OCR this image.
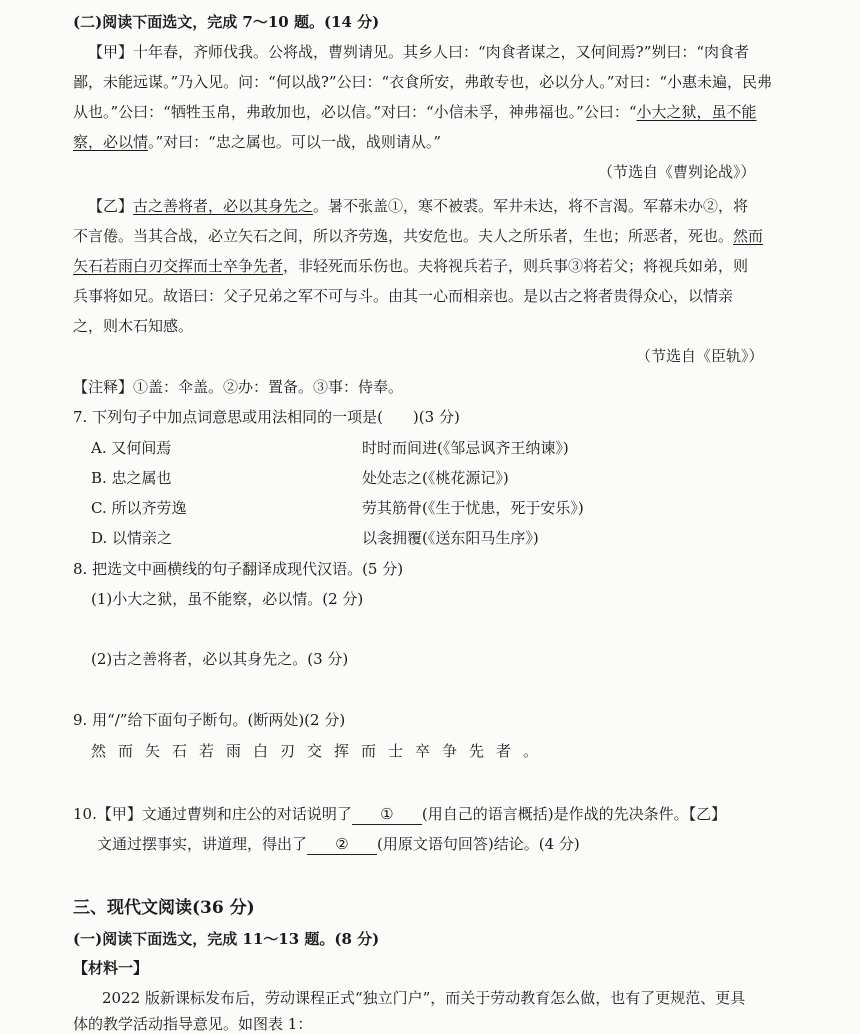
(二)阅读下面选文，完成 7～10 题。(14 分)
【甲】十年春，齐师伐我。公将战，曹刿请见。其乡人曰：“肉食者谋之，又何间焉?”刿曰：“肉食者
鄙，未能远谋。”乃入见。问：“何以战?”公曰：“衣食所安，弗敢专也，必以分人。”对曰：“小惠未遍，民弗
从也。”公曰：“牺牲玉帛，弗敢加也，必以信。”对曰：“小信未孚，神弗福也。”公曰：“小大之狱，虽不能
察，必以情。”对曰：“忠之属也。可以一战，战则请从。”
（节选自《曹刿论战》）
【乙】古之善将者，必以其身先之。暑不张盖①，寒不被裘。军井未达，将不言渴。军幕未办②，将
不言倦。当其合战，必立矢石之间，所以齐劳逸，共安危也。夫人之所乐者，生也；所恶者，死也。然而
矢石若雨白刃交挥而士卒争先者，非轻死而乐伤也。夫将视兵若子，则兵事③将若父；将视兵如弟，则
兵事将如兄。故语曰：父子兄弟之军不可与斗。由其一心而相亲也。是以古之将者贵得众心，以情亲
之，则木石知感。
（节选自《臣轨》）
【注释】①盖：伞盖。②办：置备。③事：侍奉。
7. 下列句子中加点词意思或用法相同的一项是(　　)(3 分)
A. 又何间焉	时时而间进(《邹忌讽齐王纳谏》)
B. 忠之属也	处处志之(《桃花源记》)
C. 所以齐劳逸	劳其筋骨(《生于忧患，死于安乐》)
D. 以情亲之	以衾拥覆(《送东阳马生序》)
8. 把选文中画横线的句子翻译成现代汉语。(5 分)
(1)小大之狱，虽不能察，必以情。(2 分)
(2)古之善将者，必以其身先之。(3 分)
9. 用“/”给下面句子断句。(断两处)(2 分)
然而矢石若雨白刃交挥而士卒争先者。
10.【甲】文通过曹刿和庄公的对话说明了 ① (用自己的语言概括)是作战的先决条件。【乙】
文通过摆事实，讲道理，得出了 ② (用原文语句回答)结论。(4 分)
三、现代文阅读(36 分)
(一)阅读下面选文，完成 11～13 题。(8 分)
【材料一】
2022 版新课标发布后，劳动课程正式“独立门户”，而关于劳动教育怎么做，也有了更规范、更具
体的教学活动指导意见。如图表 1：
